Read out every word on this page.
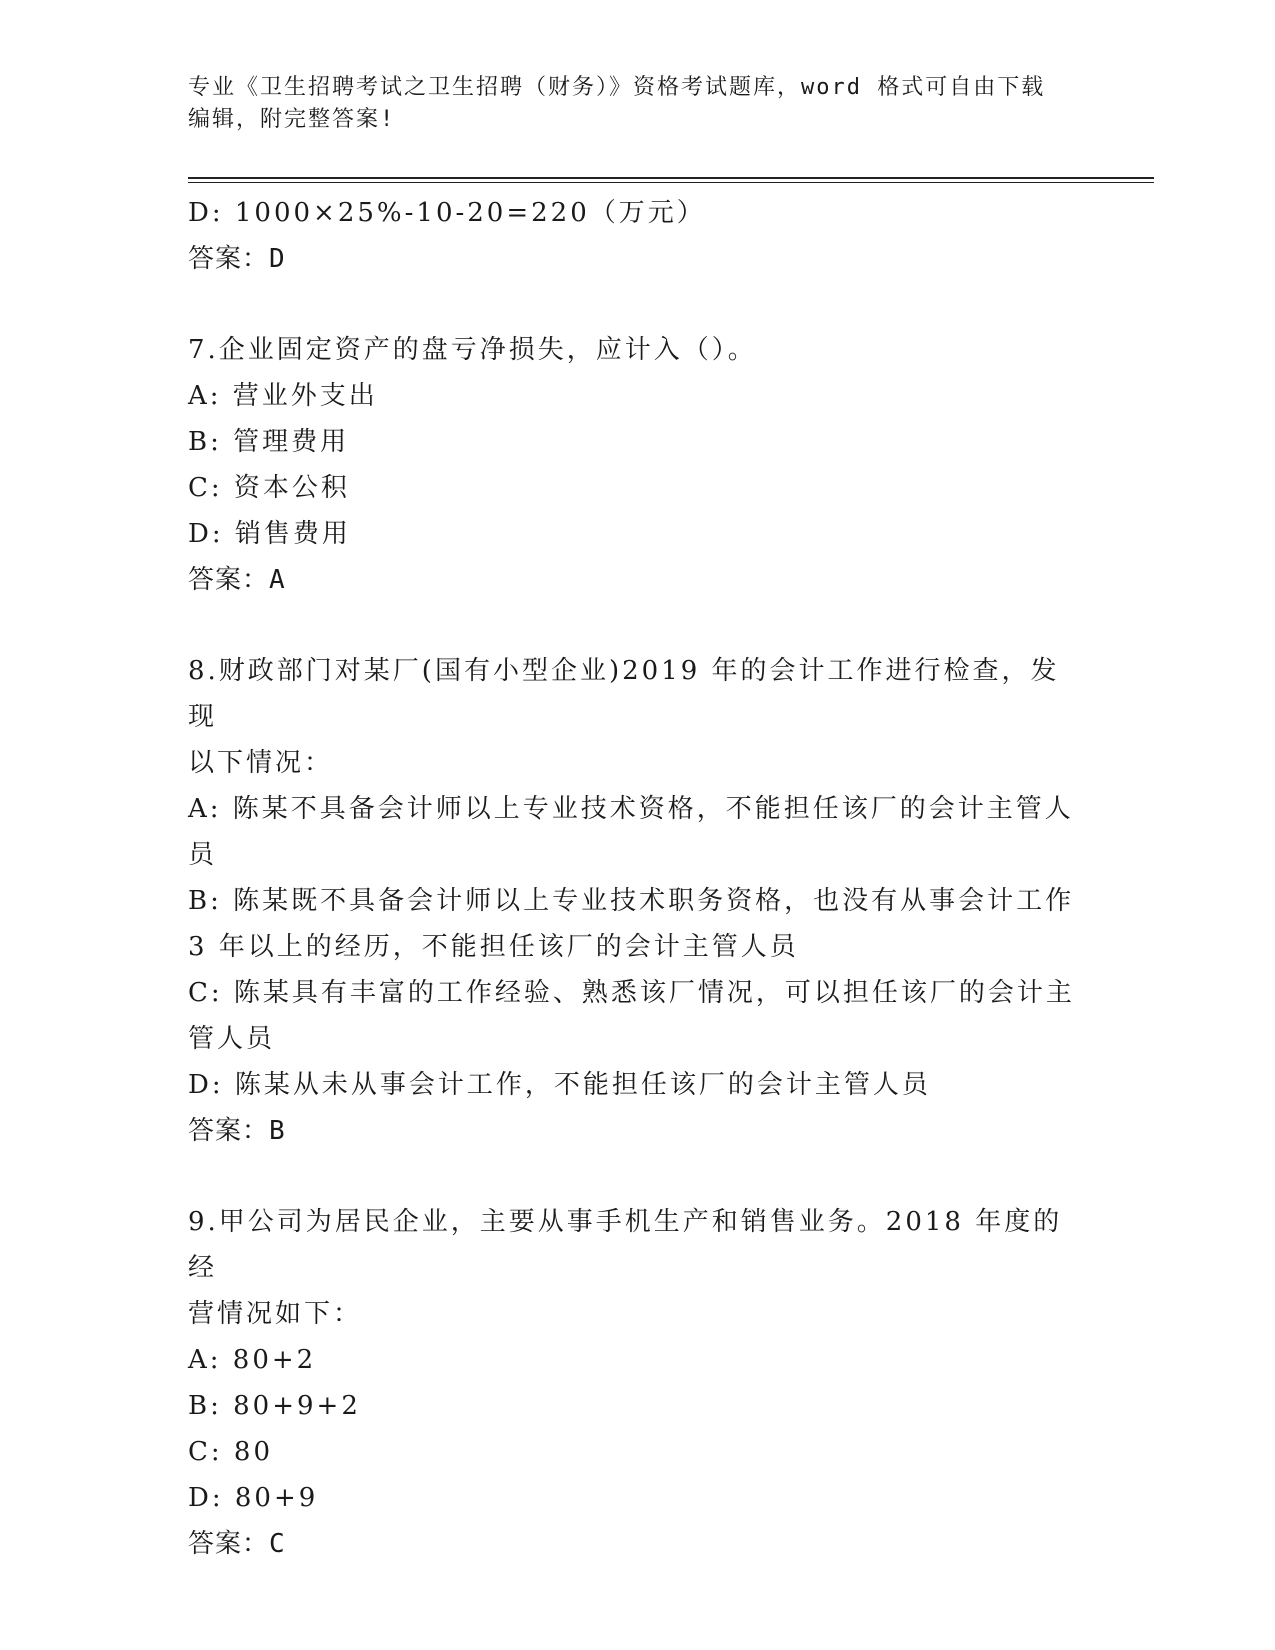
专业《卫生招聘考试之卫生招聘（财务）》资格考试题库，word 格式可自由下载
编辑，附完整答案!
D: 1000×25%-10-20=220（万元）
答案：D
7.企业固定资产的盘亏净损失，应计入（）。
A: 营业外支出
B: 管理费用
C: 资本公积
D: 销售费用
答案：A
8.财政部门对某厂(国有小型企业)2019 年的会计工作进行检查，发现
以下情况：
A: 陈某不具备会计师以上专业技术资格，不能担任该厂的会计主管人
员
B: 陈某既不具备会计师以上专业技术职务资格，也没有从事会计工作
3 年以上的经历，不能担任该厂的会计主管人员
C: 陈某具有丰富的工作经验、熟悉该厂情况，可以担任该厂的会计主
管人员
D: 陈某从未从事会计工作，不能担任该厂的会计主管人员
答案：B
9.甲公司为居民企业，主要从事手机生产和销售业务。2018 年度的经
营情况如下：
A: 80+2
B: 80+9+2
C: 80
D: 80+9
答案：C
